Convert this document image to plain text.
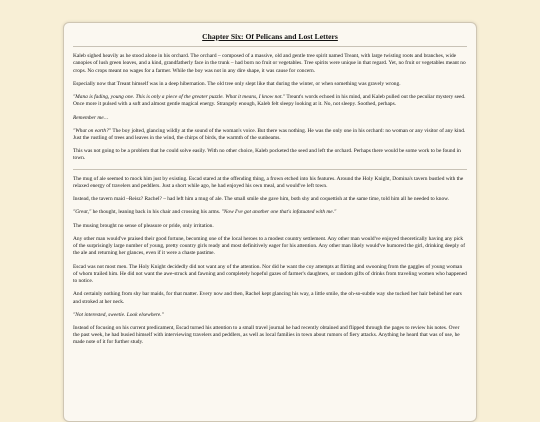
Chapter Six: Of Pelicans and Lost Letters

Kaleb sighed heavily as he stood alone in his orchard. The orchard – composed of a massive, old and gentle tree spirit named Treant, with large twisting roots and branches, wide canopies of lush green leaves, and a kind, grandfatherly face in the trunk – had born no fruit or vegetables. Tree spirits were unique in that regard. Yet, no fruit or vegetables meant no crops. No crops meant no wages for a farmer. While the boy was not in any dire shape, it was cause for concern.

Especially now that Treant himself was in a deep hibernation. The old tree only slept like that during the winter, or when something was gravely wrong.

"Mana is fading, young one. This is only a piece of the greater puzzle. What it means, I know not." Treant's words echoed in his mind, and Kaleb pulled out the peculiar mystery seed. Once more it pulsed with a soft and almost gentle magical energy. Strangely enough, Kaleb felt sleepy looking at it. No, not sleepy. Soothed, perhaps.

Remember me…

"What on earth?" The boy jolted, glancing wildly at the sound of the woman's voice. But there was nothing. He was the only one in his orchard: no woman or any visitor of any kind. Just the rustling of trees and leaves in the wind, the chirps of birds, the warmth of the sunbeams.

This was not going to be a problem that he could solve easily. With no other choice, Kaleb pocketed the seed and left the orchard. Perhaps there would be some work to be found in town.

The mug of ale seemed to mock him just by existing. Escad stared at the offending thing, a frown etched into his features. Around the Holy Knight, Domina's tavern bustled with the relaxed energy of travelers and peddlers. Just a short while ago, he had enjoyed his own meal, and would've left town.

Instead, the tavern maid –Reisz? Rachel? – had left him a mug of ale. The small smile she gave him, both shy and coquettish at the same time, told him all he needed to know.

"Great," he thought, leaning back in his chair and crossing his arms. "Now I've got another one that's infatuated with me."

The musing brought no sense of pleasure or pride, only irritation.

Any other man would've praised their good fortune, becoming one of the local heroes to a modest country settlement. Any other man would've enjoyed theoretically having any pick of the surprisingly large number of young, pretty country girls ready and most definitively eager for his attention. Any other man likely would've humored the girl, drinking deeply of the ale and returning her glances, even if it were a chaste pastime.

Escad was not most men. The Holy Knight decidedly did not want any of the attention. Nor did he want the coy attempts at flirting and swooning from the gaggles of young woman of whom trailed him. He did not want the awe-struck and fawning and completely hopeful gazes of farmer's daughters, or random gifts of drinks from traveling women who happened to notice.

And certainly nothing from shy bar maids, for that matter. Every now and then, Rachel kept glancing his way, a little smile, the oh-so-subtle way she tucked her hair behind her ears and stroked at her neck.

"Not interested, sweetie. Look elsewhere."

Instead of focusing on his current predicament, Escad turned his attention to a small travel journal he had recently obtained and flipped through the pages to review his notes. Over the past week, he had busied himself with interviewing travelers and peddlers, as well as local families in town about rumors of fiery attacks. Anything he heard that was of use, he made note of it for further study.
